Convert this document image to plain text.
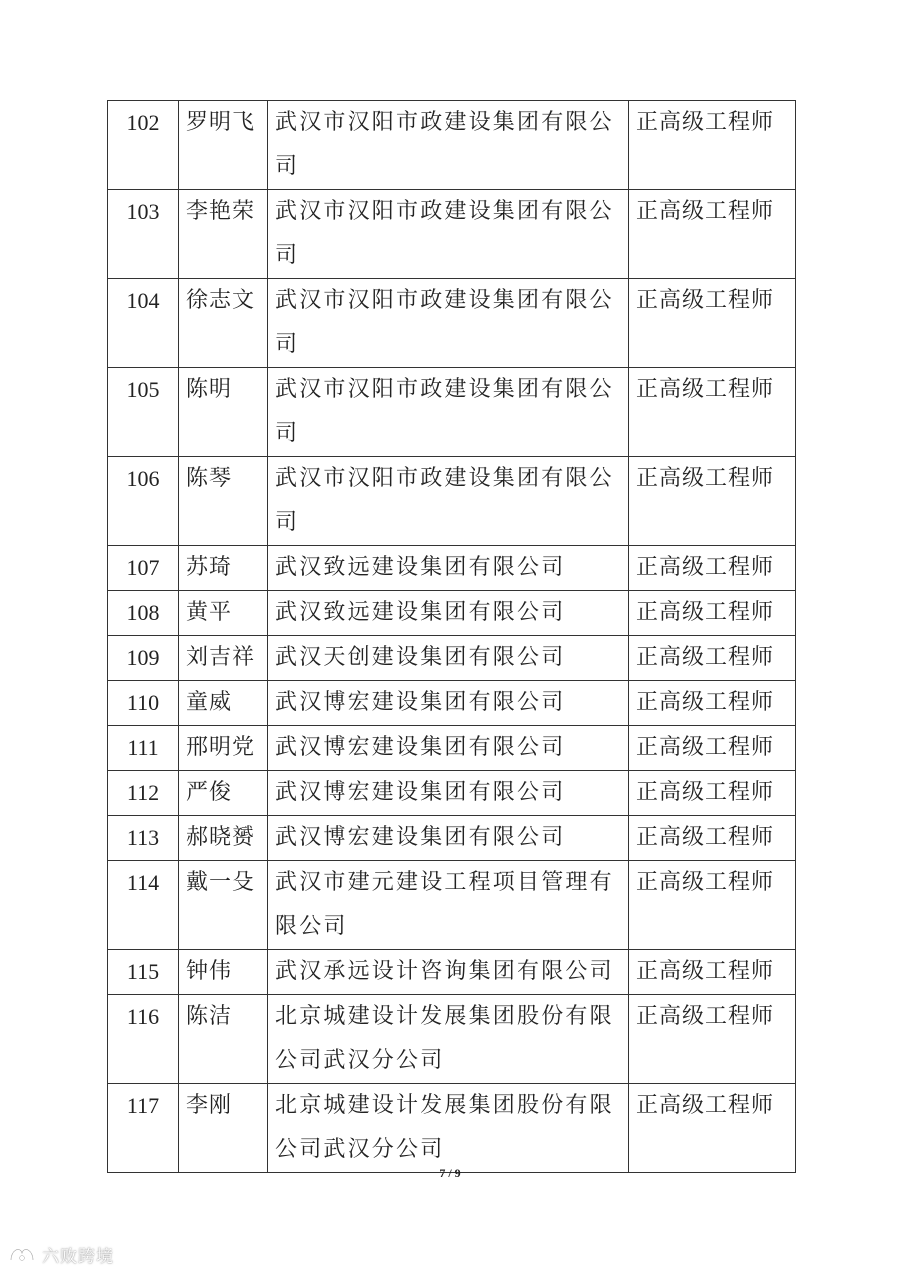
102	罗明飞	武汉市汉阳市政建设集团有限公司	正高级工程师
103	李艳荣	武汉市汉阳市政建设集团有限公司	正高级工程师
104	徐志文	武汉市汉阳市政建设集团有限公司	正高级工程师
105	陈明	武汉市汉阳市政建设集团有限公司	正高级工程师
106	陈琴	武汉市汉阳市政建设集团有限公司	正高级工程师
107	苏琦	武汉致远建设集团有限公司	正高级工程师
108	黄平	武汉致远建设集团有限公司	正高级工程师
109	刘吉祥	武汉天创建设集团有限公司	正高级工程师
110	童威	武汉博宏建设集团有限公司	正高级工程师
111	邢明党	武汉博宏建设集团有限公司	正高级工程师
112	严俊	武汉博宏建设集团有限公司	正高级工程师
113	郝晓赟	武汉博宏建设集团有限公司	正高级工程师
114	戴一殳	武汉市建元建设工程项目管理有限公司	正高级工程师
115	钟伟	武汉承远设计咨询集团有限公司	正高级工程师
116	陈洁	北京城建设计发展集团股份有限公司武汉分公司	正高级工程师
117	李刚	北京城建设计发展集团股份有限公司武汉分公司	正高级工程师
7 / 9
六败跨境
